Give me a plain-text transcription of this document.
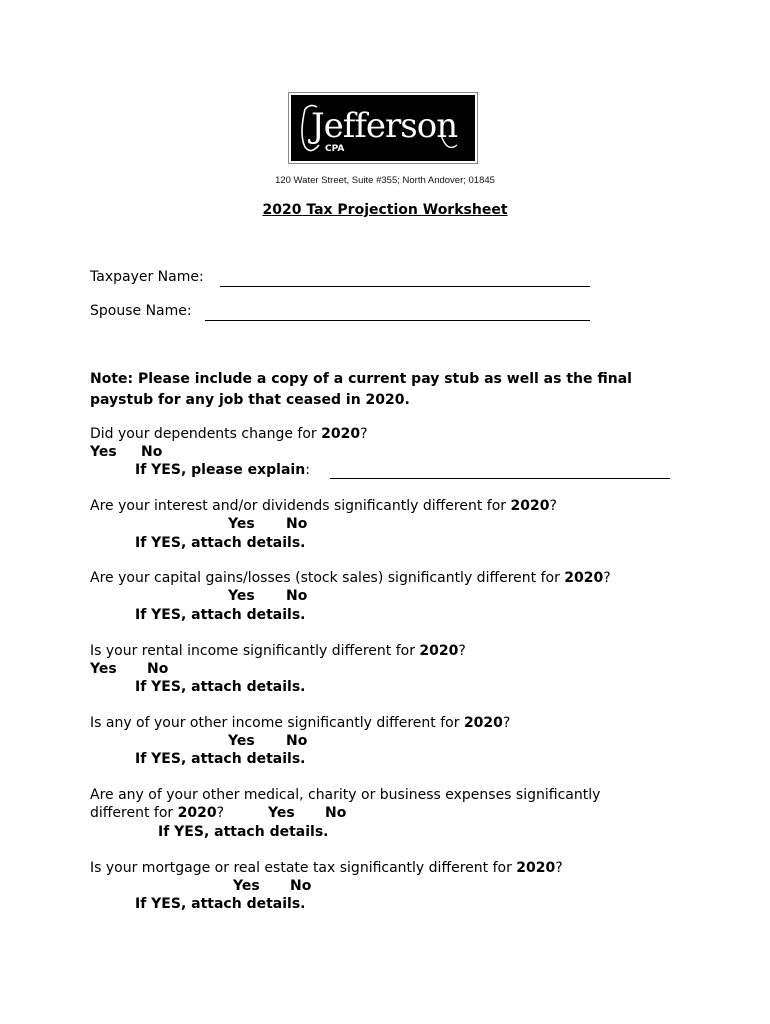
Jefferson
CPA
120 Water Street, Suite #355; North Andover; 01845
2020 Tax Projection Worksheet
Taxpayer Name:
Spouse Name:
Note: Please include a copy of a current pay stub as well as the final
paystub for any job that ceased in 2020.
Did your dependents change for 2020?
Yes No
If YES, please explain:
Are your interest and/or dividends significantly different for 2020?
Yes No
If YES, attach details.
Are your capital gains/losses (stock sales) significantly different for 2020?
Yes No
If YES, attach details.
Is your rental income significantly different for 2020?
Yes No
If YES, attach details.
Is any of your other income significantly different for 2020?
Yes No
If YES, attach details.
Are any of your other medical, charity or business expenses significantly
different for 2020?	Yes No
If YES, attach details.
Is your mortgage or real estate tax significantly different for 2020?
Yes No
If YES, attach details.
